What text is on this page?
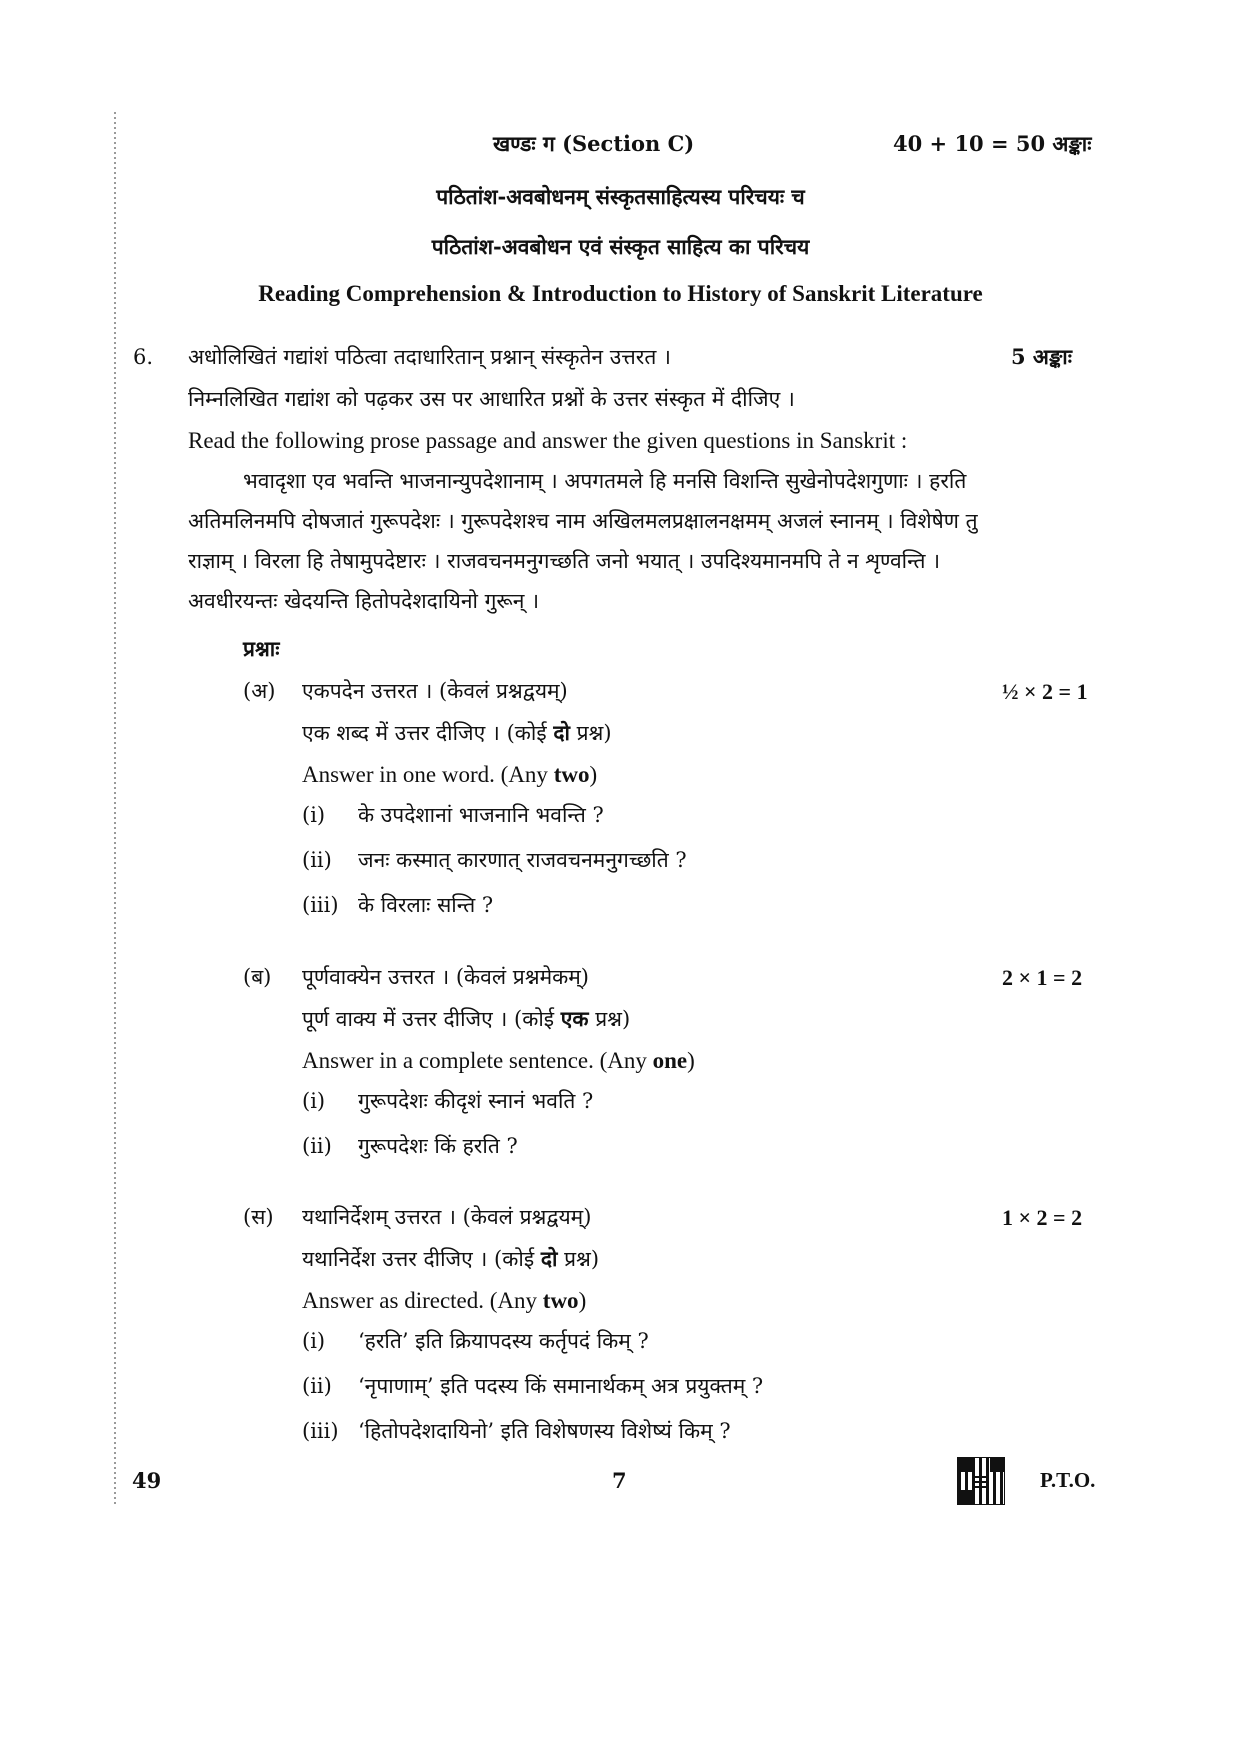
खण्डः ग (Section C)	40 + 10 = 50 अङ्काः
पठितांश-अवबोधनम् संस्कृतसाहित्यस्य परिचयः च
पठितांश-अवबोधन एवं संस्कृत साहित्य का परिचय
Reading Comprehension & Introduction to History of Sanskrit Literature
6. अधोलिखितं गद्यांशं पठित्वा तदाधारितान् प्रश्नान् संस्कृतेन उत्तरत ।	5 अङ्काः
निम्नलिखित गद्यांश को पढ़कर उस पर आधारित प्रश्नों के उत्तर संस्कृत में दीजिए ।
Read the following prose passage and answer the given questions in Sanskrit :
भवादृशा एव भवन्ति भाजनान्युपदेशानाम् । अपगतमले हि मनसि विशन्ति सुखेनोपदेशगुणाः । हरति
अतिमलिनमपि दोषजातं गुरूपदेशः । गुरूपदेशश्च नाम अखिलमलप्रक्षालनक्षमम् अजलं स्नानम् । विशेषेण तु
राज्ञाम् । विरला हि तेषामुपदेष्टारः । राजवचनमनुगच्छति जनो भयात् । उपदिश्यमानमपि ते न शृण्वन्ति ।
अवधीरयन्तः खेदयन्ति हितोपदेशदायिनो गुरून् ।
प्रश्नाः
(अ) एकपदेन उत्तरत । (केवलं प्रश्नद्वयम्)	½ × 2 = 1
एक शब्द में उत्तर दीजिए । (कोई दो प्रश्न)
Answer in one word. (Any two)
(i) के उपदेशानां भाजनानि भवन्ति ?
(ii) जनः कस्मात् कारणात् राजवचनमनुगच्छति ?
(iii) के विरलाः सन्ति ?
(ब) पूर्णवाक्येन उत्तरत । (केवलं प्रश्नमेकम्)	2 × 1 = 2
पूर्ण वाक्य में उत्तर दीजिए । (कोई एक प्रश्न)
Answer in a complete sentence. (Any one)
(i) गुरूपदेशः कीदृशं स्नानं भवति ?
(ii) गुरूपदेशः किं हरति ?
(स) यथानिर्देशम् उत्तरत । (केवलं प्रश्नद्वयम्)	1 × 2 = 2
यथानिर्देश उत्तर दीजिए । (कोई दो प्रश्न)
Answer as directed. (Any two)
(i) ‘हरति’ इति क्रियापदस्य कर्तृपदं किम् ?
(ii) ‘नृपाणाम्’ इति पदस्य किं समानार्थकम् अत्र प्रयुक्तम् ?
(iii) ‘हितोपदेशदायिनो’ इति विशेषणस्य विशेष्यं किम् ?
49	7	P.T.O.
